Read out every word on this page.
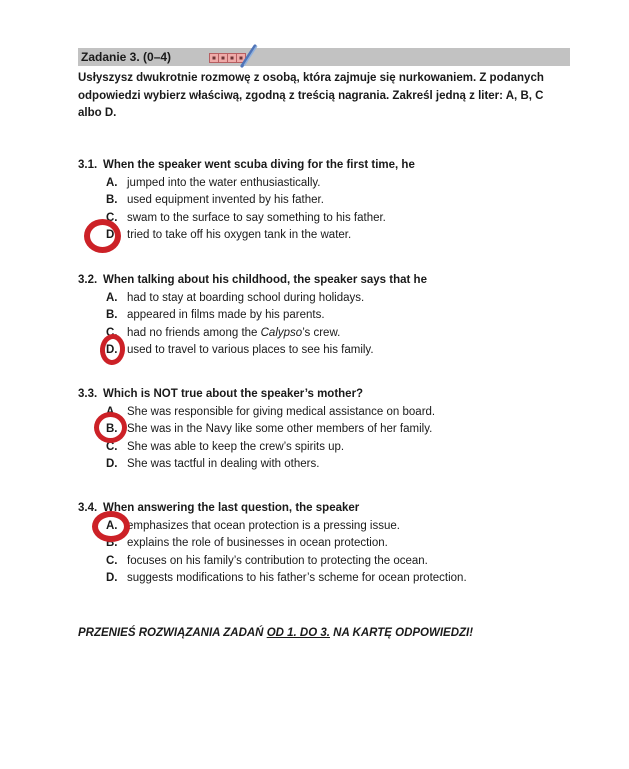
Zadanie 3. (0–4)
Usłyszysz dwukrotnie rozmowę z osobą, która zajmuje się nurkowaniem. Z podanych
odpowiedzi wybierz właściwą, zgodną z treścią nagrania. Zakreśl jedną z liter: A, B, C
albo D.
3.1. When the speaker went scuba diving for the first time, he
A. jumped into the water enthusiastically.
B. used equipment invented by his father.
C. swam to the surface to say something to his father.
D. tried to take off his oxygen tank in the water.
3.2. When talking about his childhood, the speaker says that he
A. had to stay at boarding school during holidays.
B. appeared in films made by his parents.
C. had no friends among the Calypso’s crew.
D. used to travel to various places to see his family.
3.3. Which is NOT true about the speaker’s mother?
A. She was responsible for giving medical assistance on board.
B. She was in the Navy like some other members of her family.
C. She was able to keep the crew’s spirits up.
D. She was tactful in dealing with others.
3.4. When answering the last question, the speaker
A. emphasizes that ocean protection is a pressing issue.
B. explains the role of businesses in ocean protection.
C. focuses on his family’s contribution to protecting the ocean.
D. suggests modifications to his father’s scheme for ocean protection.
PRZENIEŚ ROZWIĄZANIA ZADAŃ OD 1. DO 3. NA KARTĘ ODPOWIEDZI!
